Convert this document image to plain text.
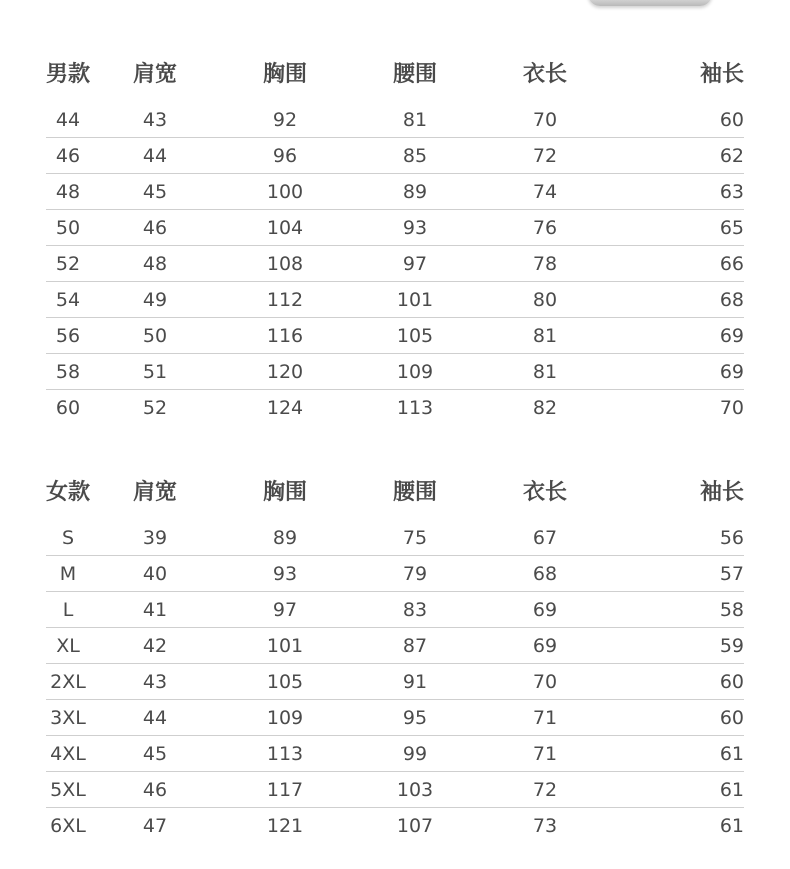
男款	肩宽	胸围	腰围	衣长	袖长
44	43	92	81	70	60
46	44	96	85	72	62
48	45	100	89	74	63
50	46	104	93	76	65
52	48	108	97	78	66
54	49	112	101	80	68
56	50	116	105	81	69
58	51	120	109	81	69
60	52	124	113	82	70
女款	肩宽	胸围	腰围	衣长	袖长
S	39	89	75	67	56
M	40	93	79	68	57
L	41	97	83	69	58
XL	42	101	87	69	59
2XL	43	105	91	70	60
3XL	44	109	95	71	60
4XL	45	113	99	71	61
5XL	46	117	103	72	61
6XL	47	121	107	73	61
